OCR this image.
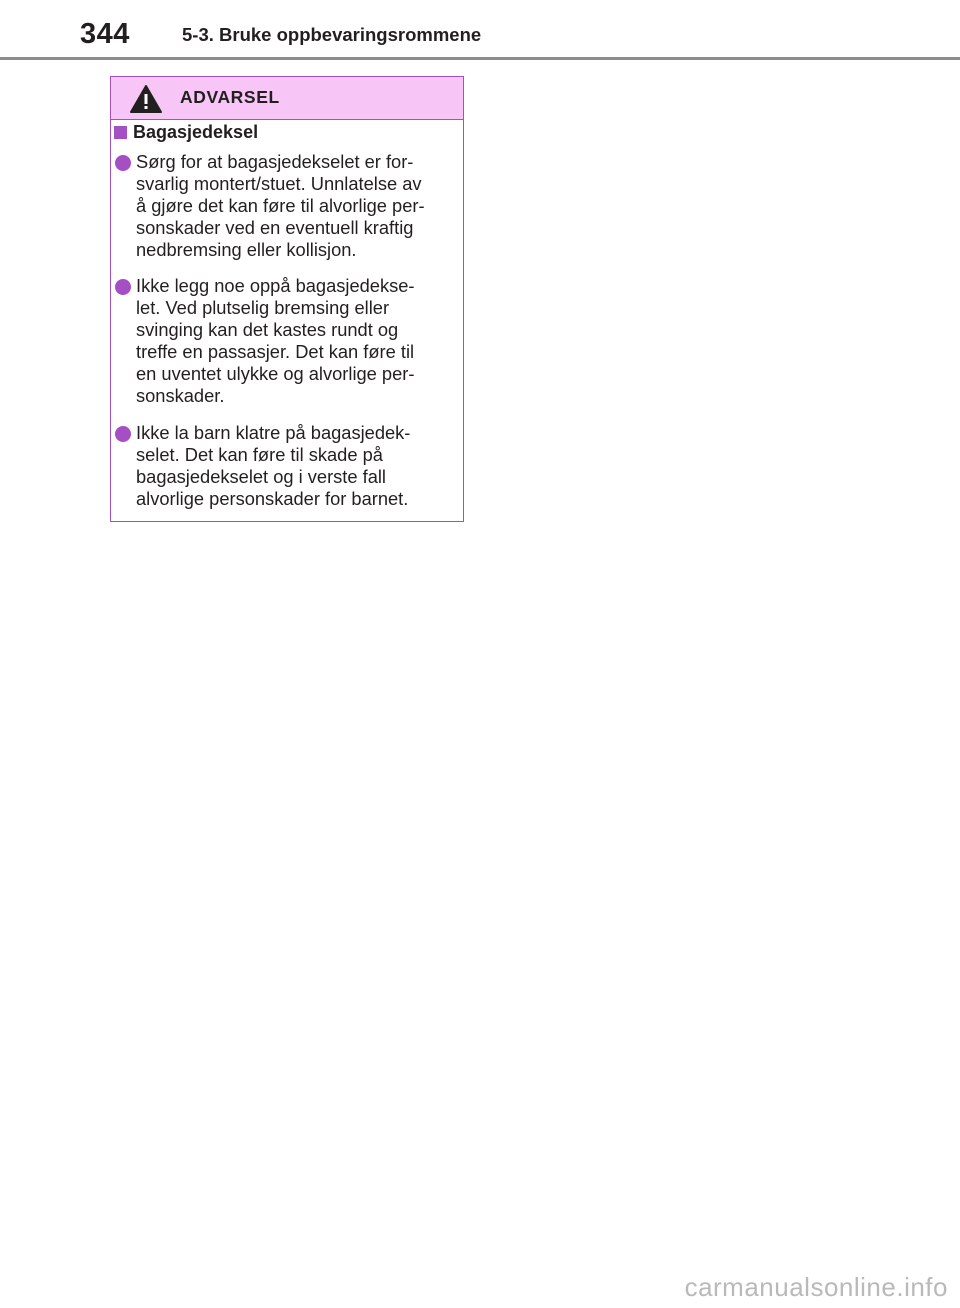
344	5-3. Bruke oppbevaringsrommene
ADVARSEL
Bagasjedeksel
Sørg for at bagasjedekselet er for-
svarlig montert/stuet. Unnlatelse av
å gjøre det kan føre til alvorlige per-
sonskader ved en eventuell kraftig
nedbremsing eller kollisjon.
Ikke legg noe oppå bagasjedekse-
let. Ved plutselig bremsing eller
svinging kan det kastes rundt og
treffe en passasjer. Det kan føre til
en uventet ulykke og alvorlige per-
sonskader.
Ikke la barn klatre på bagasjedek-
selet. Det kan føre til skade på
bagasjedekselet og i verste fall
alvorlige personskader for barnet.
carmanualsonline.info
